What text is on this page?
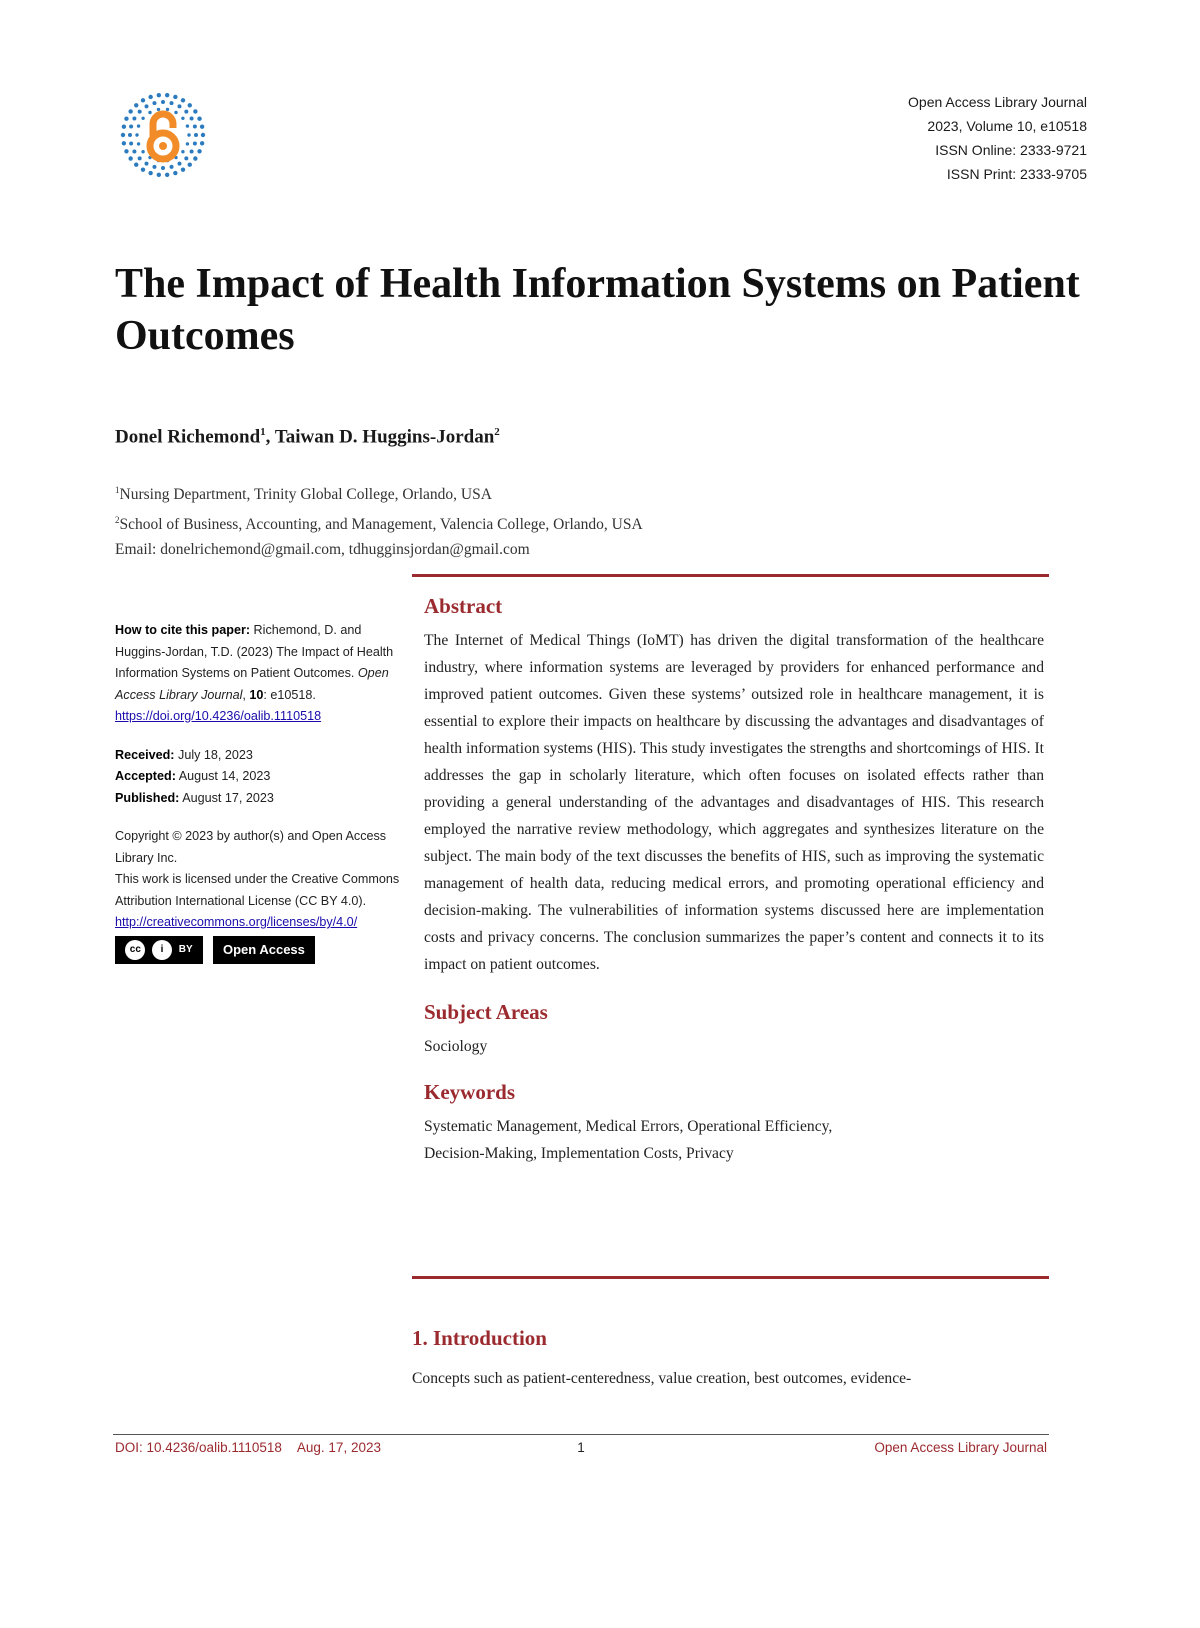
Open Access Library Journal
2023, Volume 10, e10518
ISSN Online: 2333-9721
ISSN Print: 2333-9705
The Impact of Health Information Systems on Patient Outcomes
Donel Richemond$^1$, Taiwan D. Huggins-Jordan$^2$
$^1$Nursing Department, Trinity Global College, Orlando, USA
$^2$School of Business, Accounting, and Management, Valencia College, Orlando, USA
Email: donelrichemond@gmail.com, tdhugginsjordan@gmail.com
How to cite this paper: Richemond, D. and Huggins-Jordan, T.D. (2023) The Impact of Health Information Systems on Patient Outcomes. Open Access Library Journal, 10: e10518.
https://doi.org/10.4236/oalib.1110518
Received: July 18, 2023
Accepted: August 14, 2023
Published: August 17, 2023
Copyright © 2023 by author(s) and Open Access Library Inc.
This work is licensed under the Creative Commons Attribution International License (CC BY 4.0).
http://creativecommons.org/licenses/by/4.0/
cc	i	BY	Open Access
Abstract
The Internet of Medical Things (IoMT) has driven the digital transformation of the healthcare industry, where information systems are leveraged by providers for enhanced performance and improved patient outcomes. Given these systems’ outsized role in healthcare management, it is essential to explore their impacts on healthcare by discussing the advantages and disadvantages of health information systems (HIS). This study investigates the strengths and shortcomings of HIS. It addresses the gap in scholarly literature, which often focuses on isolated effects rather than providing a general understanding of the advantages and disadvantages of HIS. This research employed the narrative review methodology, which aggregates and synthesizes literature on the subject. The main body of the text discusses the benefits of HIS, such as improving the systematic management of health data, reducing medical errors, and promoting operational efficiency and decision-making. The vulnerabilities of information systems discussed here are implementation costs and privacy concerns. The conclusion summarizes the paper’s content and connects it to its impact on patient outcomes.
Subject Areas
Sociology
Keywords
Systematic Management, Medical Errors, Operational Efficiency,
Decision-Making, Implementation Costs, Privacy
1. Introduction
Concepts such as patient-centeredness, value creation, best outcomes, evidence-
DOI: 10.4236/oalib.1110518 Aug. 17, 2023	1	Open Access Library Journal
